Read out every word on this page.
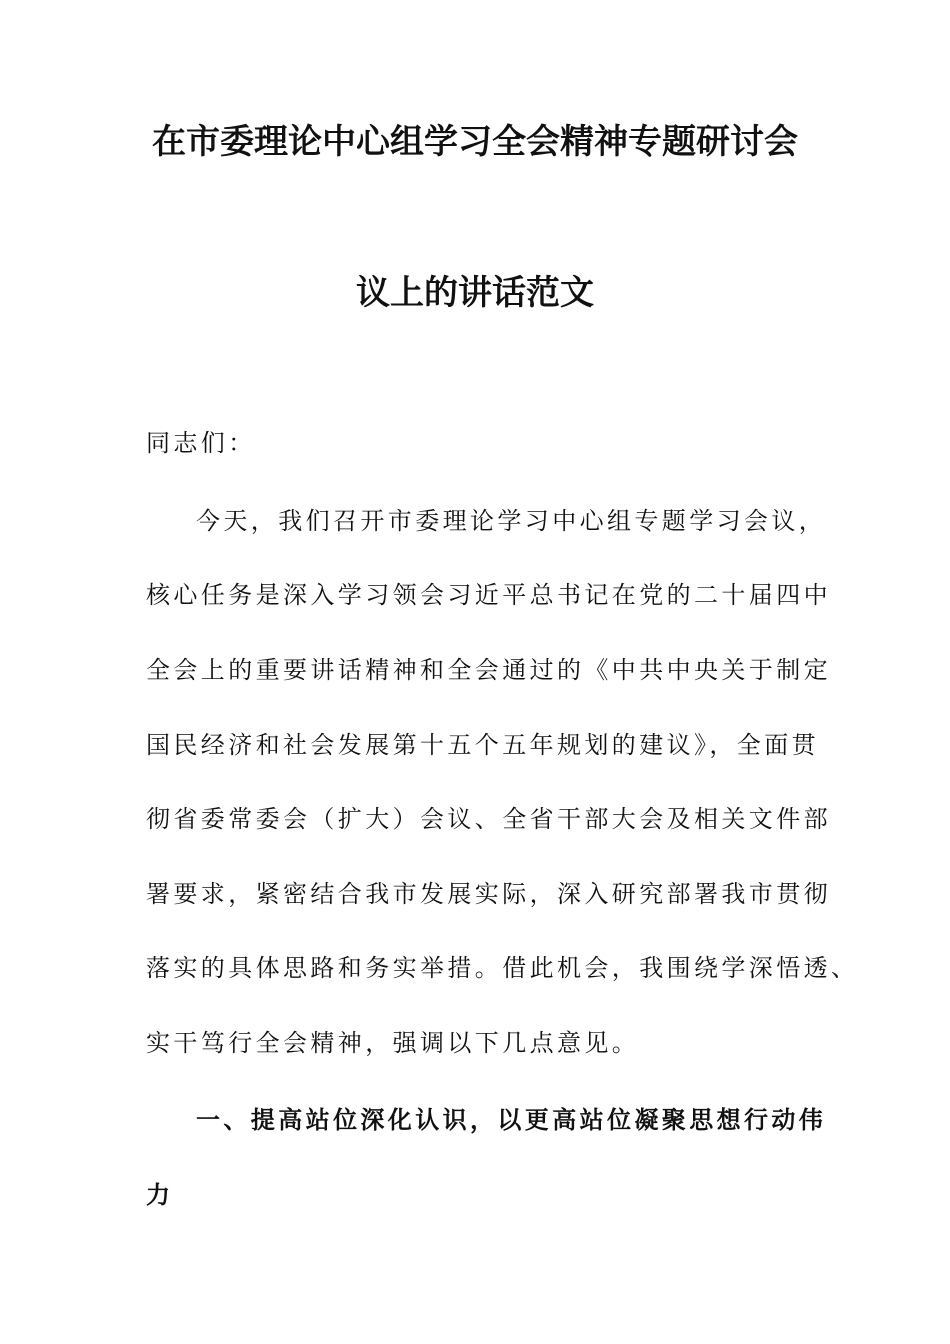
在市委理论中心组学习全会精神专题研讨会
议上的讲话范文
同志们：
今天，我们召开市委理论学习中心组专题学习会议，
核心任务是深入学习领会习近平总书记在党的二十届四中
全会上的重要讲话精神和全会通过的《中共中央关于制定
国民经济和社会发展第十五个五年规划的建议》，全面贯
彻省委常委会（扩大）会议、全省干部大会及相关文件部
署要求，紧密结合我市发展实际，深入研究部署我市贯彻
落实的具体思路和务实举措。借此机会，我围绕学深悟透、
实干笃行全会精神，强调以下几点意见。
一、提高站位深化认识，以更高站位凝聚思想行动伟
力
